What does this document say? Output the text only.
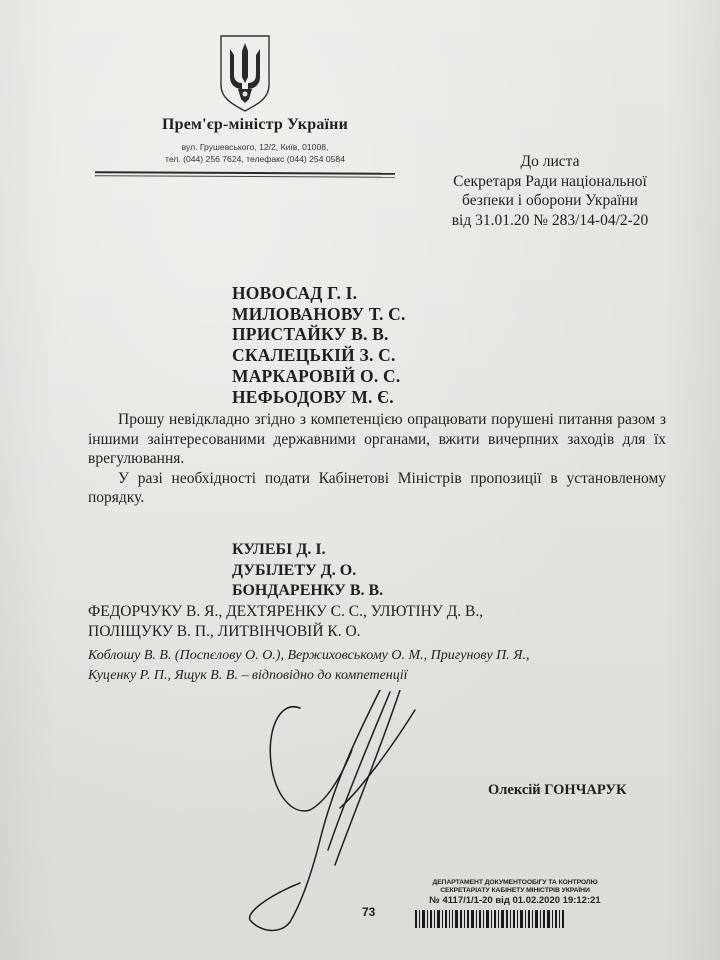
Прем'єр-міністр України
вул. Грушевського, 12/2, Київ, 01008,
тел. (044) 256 7624, телефакс (044) 254 0584	До листа
Секретаря Ради національної
безпеки і оборони України
від 31.01.20 № 283/14-04/2-20
НОВОСАД Г. І.
МИЛОВАНОВУ Т. С.
ПРИСТАЙКУ В. В.
СКАЛЕЦЬКІЙ З. С.
МАРКАРОВІЙ О. С.
НЕФЬОДОВУ М. Є.

Прошу невідкладно згідно з компетенцією опрацювати порушені питання разом з іншими заінтересованими державними органами, вжити вичерпних заходів для їх врегулювання.

У разі необхідності подати Кабінетові Міністрів пропозиції в установленому порядку.

КУЛЕБІ Д. І.
ДУБІЛЕТУ Д. О.
БОНДАРЕНКУ В. В.
ФЕДОРЧУКУ В. Я., ДЕХТЯРЕНКУ С. С., УЛЮТІНУ Д. В.,
ПОЛІЩУКУ В. П., ЛИТВІНЧОВІЙ К. О.
Коблошу В. В. (Поспєлову О. О.), Вержиховському О. М., Пригунову П. Я.,
Куценку Р. П., Ящук В. В. – відповідно до компетенції
Олексій ГОНЧАРУК
73
ДЕПАРТАМЕНТ ДОКУМЕНТООБІГУ ТА КОНТРОЛЮ
СЕКРЕТАРІАТУ КАБІНЕТУ МІНІСТРІВ УКРАЇНИ
№ 4117/1/1-20 від 01.02.2020 19:12:21
